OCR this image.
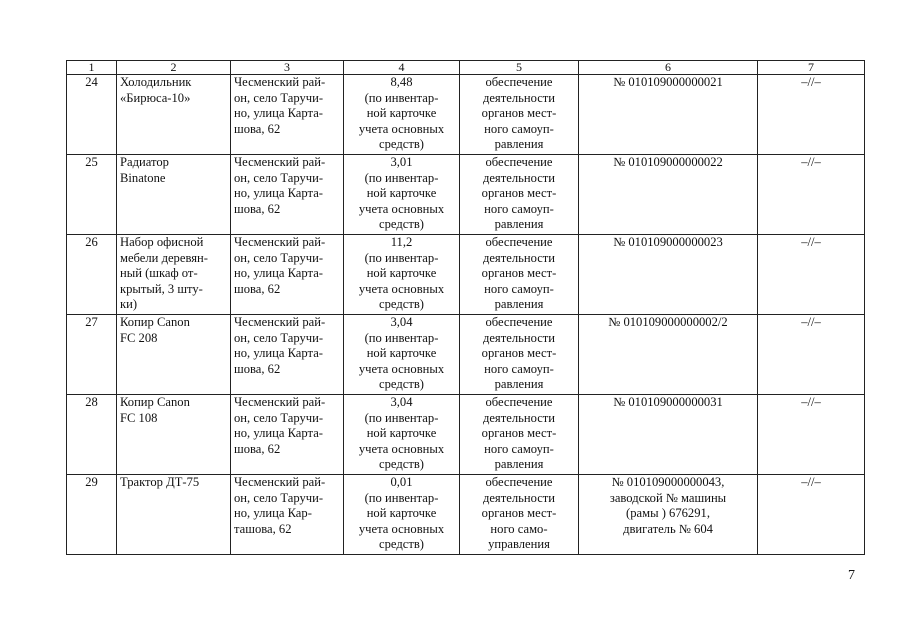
1	2	3	4	5	6	7

24	Холодильник
«Бирюса-10»	Чесменский рай-
он, село Таручи-
но, улица Карта-
шова, 62	8,48
(по инвентар-
ной карточке
учета основных
средств)	обеспечение
деятельности
органов мест-
ного самоуп-
равления	№ 010109000000021	–//–

25	Радиатор
Binatone	Чесменский рай-
он, село Таручи-
но, улица Карта-
шова, 62	3,01
(по инвентар-
ной карточке
учета основных
средств)	обеспечение
деятельности
органов мест-
ного самоуп-
равления	№ 010109000000022	–//–

26	Набор офисной
мебели деревян-
ный (шкаф от-
крытый, 3 шту-
ки)	Чесменский рай-
он, село Таручи-
но, улица Карта-
шова, 62	11,2
(по инвентар-
ной карточке
учета основных
средств)	обеспечение
деятельности
органов мест-
ного самоуп-
равления	№ 010109000000023	–//–

27	Копир Canon
FC 208	Чесменский рай-
он, село Таручи-
но, улица Карта-
шова, 62	3,04
(по инвентар-
ной карточке
учета основных
средств)	обеспечение
деятельности
органов мест-
ного самоуп-
равления	№ 010109000000002/2	–//–

28	Копир Canon
FC 108	Чесменский рай-
он, село Таручи-
но, улица Карта-
шова, 62	3,04
(по инвентар-
ной карточке
учета основных
средств)	обеспечение
деятельности
органов мест-
ного самоуп-
равления	№ 010109000000031	–//–

29	Трактор ДТ-75	Чесменский рай-
он, село Таручи-
но, улица Кар-
ташова, 62	0,01
(по инвентар-
ной карточке
учета основных
средств)	обеспечение
деятельности
органов мест-
ного само-
управления	№ 010109000000043,
заводской № машины
(рамы ) 676291,
двигатель № 604	–//–
7
